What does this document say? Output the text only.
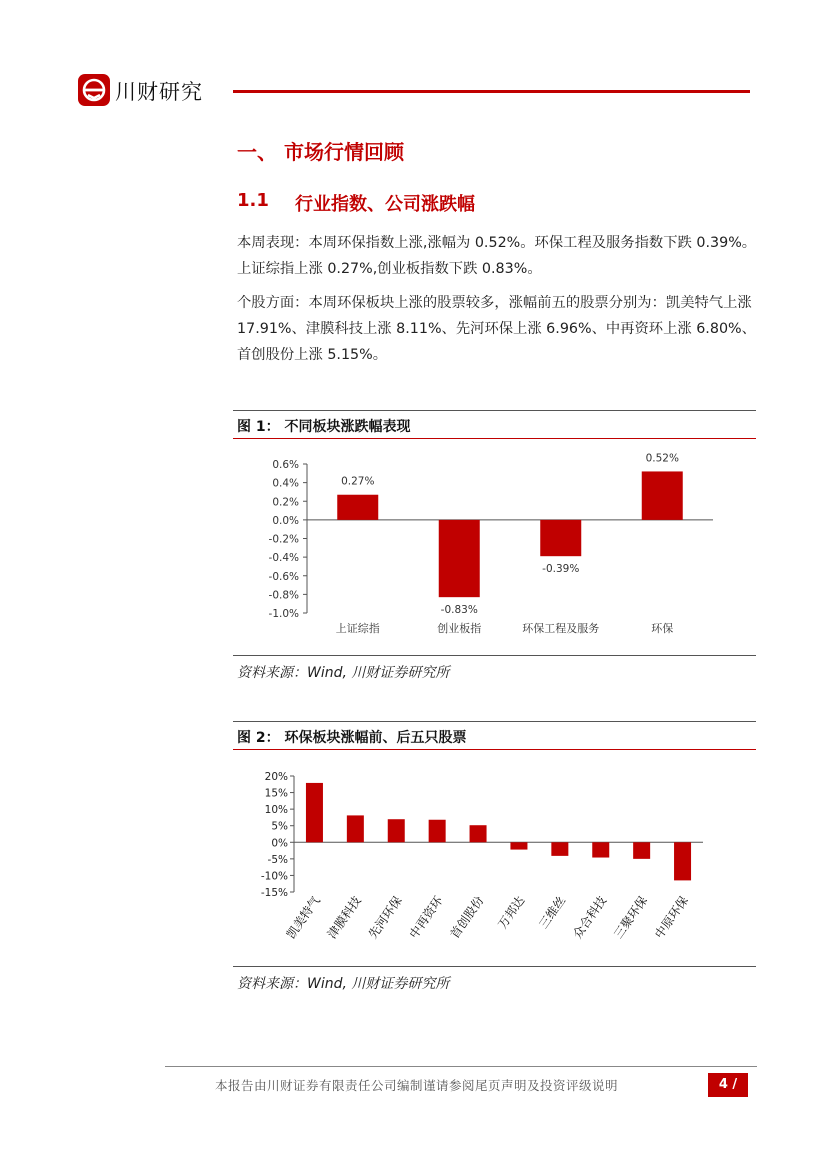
川财研究
一、 市场行情回顾
1.1 行业指数、公司涨跌幅
本周表现：本周环保指数上涨,涨幅为 0.52%。环保工程及服务指数下跌 0.39%。上证综指上涨 0.27%,创业板指数下跌 0.83%。
个股方面：本周环保板块上涨的股票较多，涨幅前五的股票分别为：凯美特气上涨 17.91%、津膜科技上涨 8.11%、先河环保上涨 6.96%、中再资环上涨 6.80%、首创股份上涨 5.15%。
图 1： 不同板块涨跌幅表现
0.6%
0.4%
0.2%
0.0%
-0.2%
-0.4%
-0.6%
-0.8%
-1.0%
0.27%
上证综指
-0.83%
创业板指
-0.39%
环保工程及服务
0.52%
环保
资料来源：Wind, 川财证券研究所
图 2： 环保板块涨幅前、后五只股票
20%
15%
10%
5%
0%
-5%
-10%
-15%
凯美特气 津膜科技 先河环保 中再资环 首创股份 万邦达 三维丝 众合科技 三聚环保 中原环保
资料来源：Wind, 川财证券研究所
本报告由川财证券有限责任公司编制谨请参阅尾页声明及投资评级说明	4 / 10
